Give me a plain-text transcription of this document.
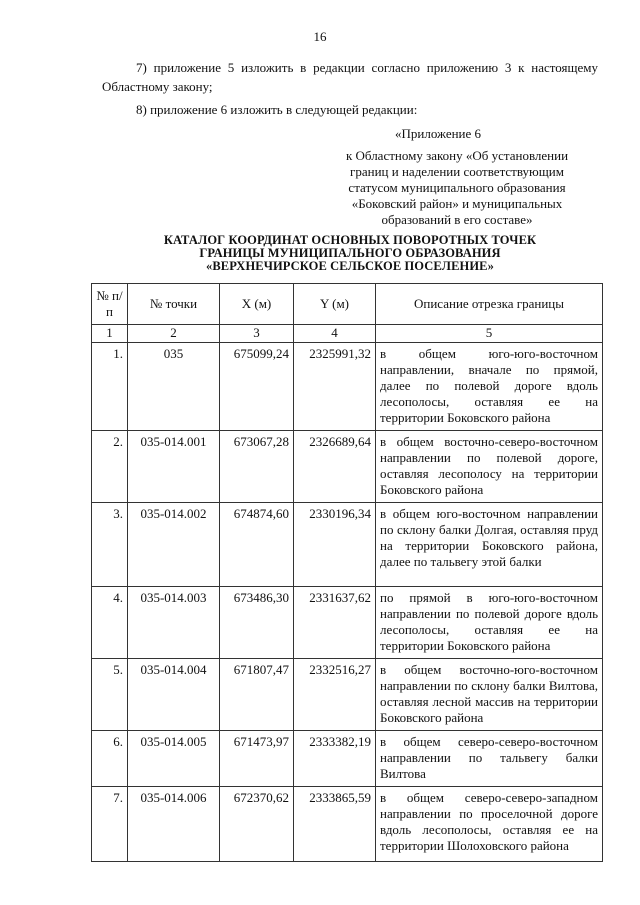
16
7) приложение 5 изложить в редакции согласно приложению 3 к настоящему Областному закону;
8) приложение 6 изложить в следующей редакции:
«Приложение 6
к Областному закону «Об установлении
границ и наделении соответствующим
статусом муниципального образования
«Боковский район» и муниципальных
образований в его составе»
КАТАЛОГ КООРДИНАТ ОСНОВНЫХ ПОВОРОТНЫХ ТОЧЕК
ГРАНИЦЫ МУНИЦИПАЛЬНОГО ОБРАЗОВАНИЯ
«ВЕРХНЕЧИРСКОЕ СЕЛЬСКОЕ ПОСЕЛЕНИЕ»
№ п/п	№ точки	X (м)	Y (м)	Описание отрезка границы
1	2	3	4	5

1.	035	675099,24	2325991,32	в общем юго-юго-восточном направлении, вначале по прямой, далее по полевой дороге вдоль лесополосы, оставляя ее на территории Боковского района

2.	035-014.001	673067,28	2326689,64	в общем восточно-северо-восточном направлении по полевой дороге, оставляя лесополосу на территории Боковского района

3.	035-014.002	674874,60	2330196,34	в общем юго-восточном направлении по склону балки Долгая, оставляя пруд на территории Боковского района, далее по тальвегу этой балки

4.	035-014.003	673486,30	2331637,62	по прямой в юго-юго-восточном направлении по полевой дороге вдоль лесополосы, оставляя ее на территории Боковского района

5.	035-014.004	671807,47	2332516,27	в общем восточно-юго-восточном направлении по склону балки Вилтова, оставляя лесной массив на территории Боковского района

6.	035-014.005	671473,97	2333382,19	в общем северо-северо-восточном направлении по тальвегу балки Вилтова

7.	035-014.006	672370,62	2333865,59	в общем северо-северо-западном направлении по проселочной дороге вдоль лесополосы, оставляя ее на территории Шолоховского района
